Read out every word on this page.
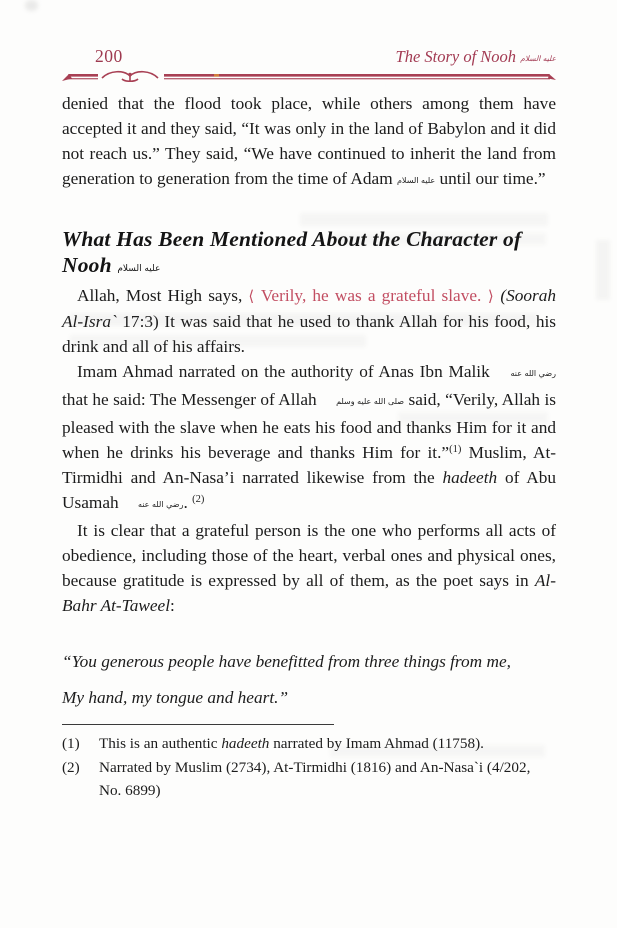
200	The Story of Nooh عليه السلام

denied that the flood took place, while others among them have accepted it and they said, “It was only in the land of Babylon and it did not reach us.” They said, “We have continued to inherit the land from generation to generation from the time of Adam عليه السلام until our time.”

What Has Been Mentioned About the Character of Nooh عليه السلام

Allah, Most High says, ⟨ Verily, he was a grateful slave. ⟩ (Soorah Al-Isra` 17:3) It was said that he used to thank Allah for his food, his drink and all of his affairs.

Imam Ahmad narrated on the authority of Anas Ibn Malik رضي الله عنه that he said: The Messenger of Allah صلى الله عليه وسلم said, “Verily, Allah is pleased with the slave when he eats his food and thanks Him for it and when he drinks his beverage and thanks Him for it.”$^{(1)}$ Muslim, At-Tirmidhi and An-Nasa’i narrated likewise from the hadeeth of Abu Usamah رضي الله عنه. $^{(2)}$

It is clear that a grateful person is the one who performs all acts of obedience, including those of the heart, verbal ones and physical ones, because gratitude is expressed by all of them, as the poet says in Al-Bahr At-Taweel:

“You generous people have benefitted from three things from me,
My hand, my tongue and heart.”
(1)	This is an authentic hadeeth narrated by Imam Ahmad (11758).
(2)	Narrated by Muslim (2734), At-Tirmidhi (1816) and An-Nasa`i (4/202, No. 6899)
